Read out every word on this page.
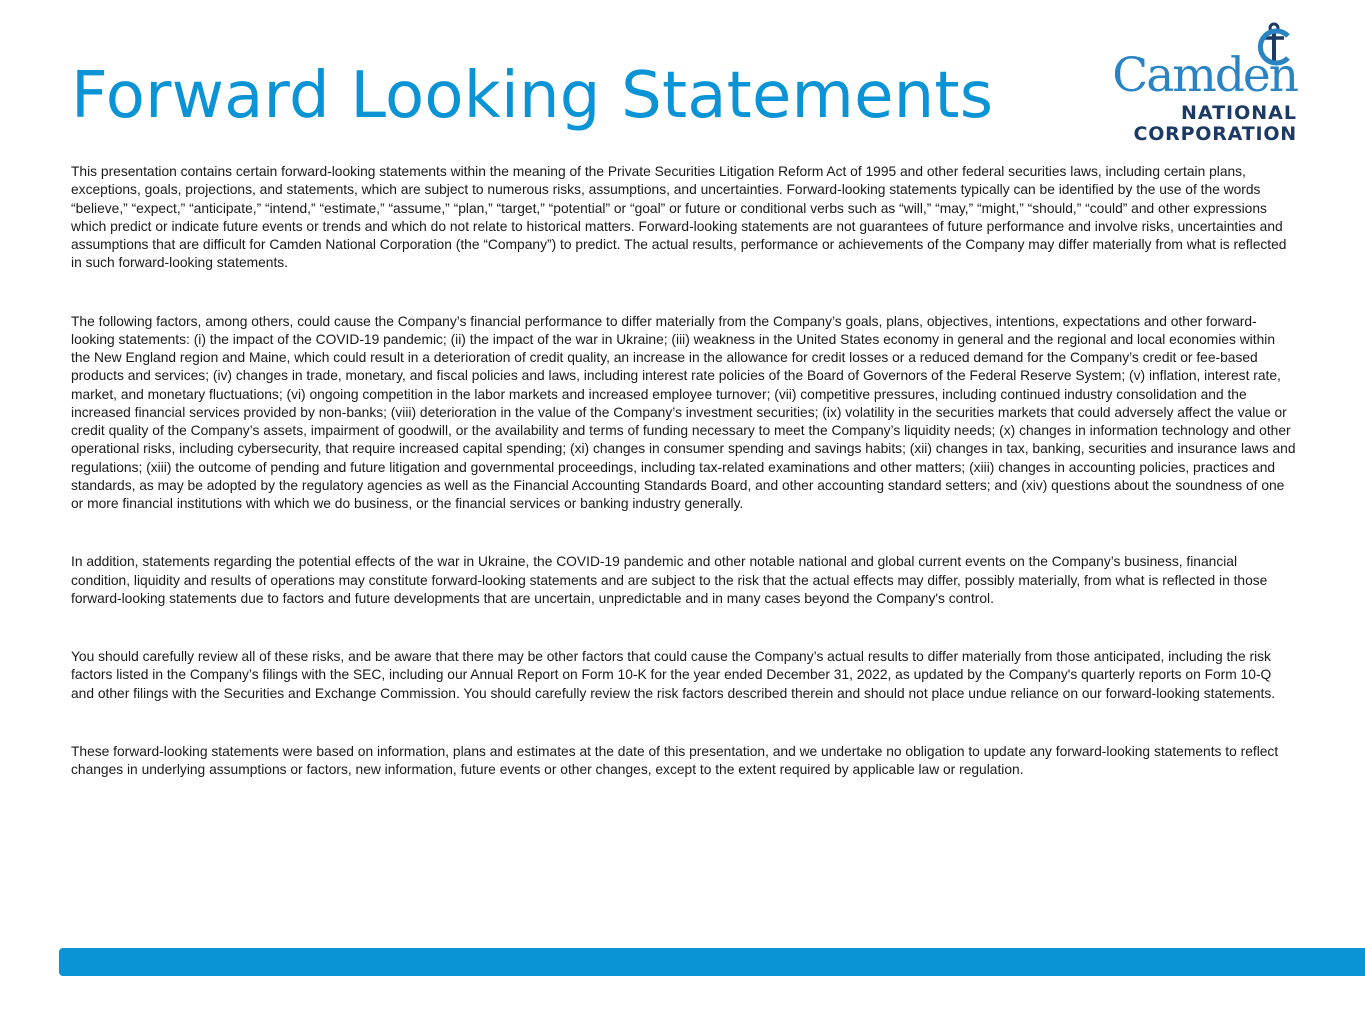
Forward Looking Statements	Camden
NATIONAL
CORPORATION

This presentation contains certain forward-looking statements within the meaning of the Private Securities Litigation Reform Act of 1995 and other federal securities laws, including certain plans, exceptions, goals, projections, and statements, which are subject to numerous risks, assumptions, and uncertainties. Forward-looking statements typically can be identified by the use of the words “believe,” “expect,” “anticipate,” “intend,” “estimate,” “assume,” “plan,” “target,” “potential” or “goal” or future or conditional verbs such as “will,” “may,” “might,” “should,” “could” and other expressions which predict or indicate future events or trends and which do not relate to historical matters. Forward-looking statements are not guarantees of future performance and involve risks, uncertainties and assumptions that are difficult for Camden National Corporation (the “Company”) to predict. The actual results, performance or achievements of the Company may differ materially from what is reflected in such forward-looking statements.

The following factors, among others, could cause the Company’s financial performance to differ materially from the Company’s goals, plans, objectives, intentions, expectations and other forward-looking statements: (i) the impact of the COVID-19 pandemic; (ii) the impact of the war in Ukraine; (iii) weakness in the United States economy in general and the regional and local economies within the New England region and Maine, which could result in a deterioration of credit quality, an increase in the allowance for credit losses or a reduced demand for the Company’s credit or fee-based products and services; (iv) changes in trade, monetary, and fiscal policies and laws, including interest rate policies of the Board of Governors of the Federal Reserve System; (v) inflation, interest rate, market, and monetary fluctuations; (vi) ongoing competition in the labor markets and increased employee turnover; (vii) competitive pressures, including continued industry consolidation and the increased financial services provided by non-banks; (viii) deterioration in the value of the Company’s investment securities; (ix) volatility in the securities markets that could adversely affect the value or credit quality of the Company’s assets, impairment of goodwill, or the availability and terms of funding necessary to meet the Company’s liquidity needs; (x) changes in information technology and other operational risks, including cybersecurity, that require increased capital spending; (xi) changes in consumer spending and savings habits; (xii) changes in tax, banking, securities and insurance laws and regulations; (xiii) the outcome of pending and future litigation and governmental proceedings, including tax-related examinations and other matters; (xiii) changes in accounting policies, practices and standards, as may be adopted by the regulatory agencies as well as the Financial Accounting Standards Board, and other accounting standard setters; and (xiv) questions about the soundness of one or more financial institutions with which we do business, or the financial services or banking industry generally.

In addition, statements regarding the potential effects of the war in Ukraine, the COVID-19 pandemic and other notable national and global current events on the Company’s business, financial condition, liquidity and results of operations may constitute forward-looking statements and are subject to the risk that the actual effects may differ, possibly materially, from what is reflected in those forward-looking statements due to factors and future developments that are uncertain, unpredictable and in many cases beyond the Company's control.

You should carefully review all of these risks, and be aware that there may be other factors that could cause the Company’s actual results to differ materially from those anticipated, including the risk factors listed in the Company’s filings with the SEC, including our Annual Report on Form 10-K for the year ended December 31, 2022, as updated by the Company's quarterly reports on Form 10-Q and other filings with the Securities and Exchange Commission. You should carefully review the risk factors described therein and should not place undue reliance on our forward-looking statements.

These forward-looking statements were based on information, plans and estimates at the date of this presentation, and we undertake no obligation to update any forward-looking statements to reflect changes in underlying assumptions or factors, new information, future events or other changes, except to the extent required by applicable law or regulation.
